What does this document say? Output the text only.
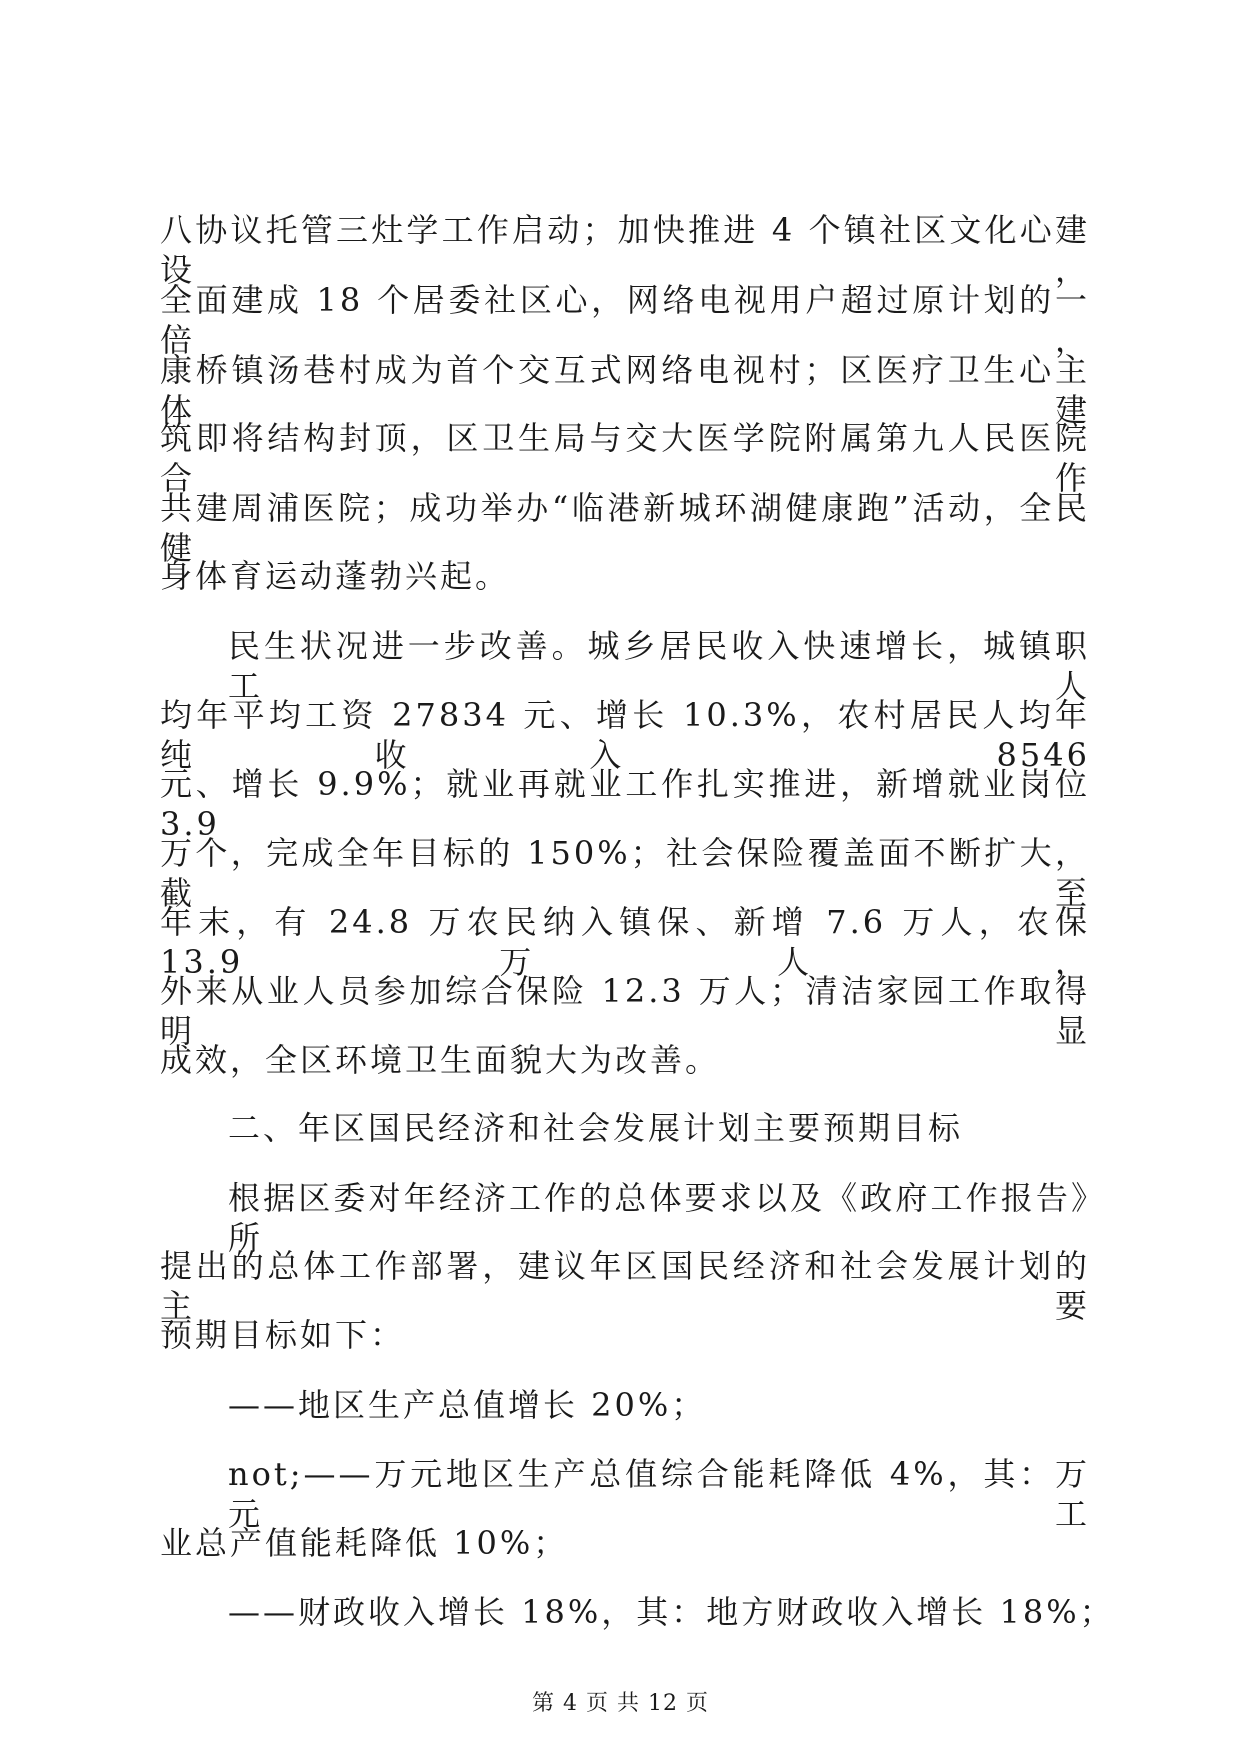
八协议托管三灶学工作启动；加快推进 4 个镇社区文化心建设，
全面建成 18 个居委社区心，网络电视用户超过原计划的一倍，
康桥镇汤巷村成为首个交互式网络电视村；区医疗卫生心主体建
筑即将结构封顶，区卫生局与交大医学院附属第九人民医院合作
共建周浦医院；成功举办“临港新城环湖健康跑”活动，全民健
身体育运动蓬勃兴起。
民生状况进一步改善。城乡居民收入快速增长，城镇职工人
均年平均工资 27834 元、增长 10.3%，农村居民人均年纯收入 8546
元、增长 9.9%；就业再就业工作扎实推进，新增就业岗位 3.9
万个，完成全年目标的 150%；社会保险覆盖面不断扩大，截至
年末，有 24.8 万农民纳入镇保、新增 7.6 万人，农保 13.9 万人，
外来从业人员参加综合保险 12.3 万人；清洁家园工作取得明显
成效，全区环境卫生面貌大为改善。
二、年区国民经济和社会发展计划主要预期目标
根据区委对年经济工作的总体要求以及《政府工作报告》所
提出的总体工作部署，建议年区国民经济和社会发展计划的主要
预期目标如下：
——地区生产总值增长 20%；
not;——万元地区生产总值综合能耗降低 4%，其：万元工
业总产值能耗降低 10%；
——财政收入增长 18%，其：地方财政收入增长 18%；
第 4 页 共 12 页
